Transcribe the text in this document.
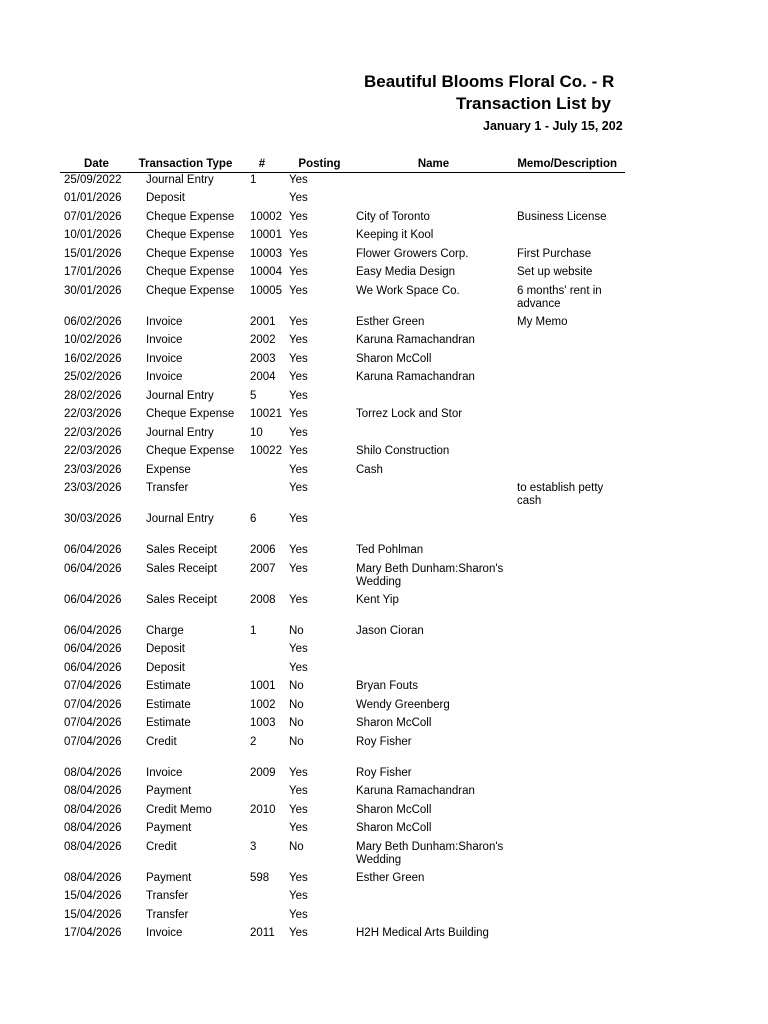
Beautiful Blooms Floral Co. - R
Transaction List by
January 1 - July 15, 202
Date	Transaction Type	#	Posting	Name	Memo/Description
25/09/2022	Journal Entry	1	Yes		
01/01/2026	Deposit		Yes		
07/01/2026	Cheque Expense	10002	Yes	City of Toronto	Business License
10/01/2026	Cheque Expense	10001	Yes	Keeping it Kool	
15/01/2026	Cheque Expense	10003	Yes	Flower Growers Corp.	First Purchase
17/01/2026	Cheque Expense	10004	Yes	Easy Media Design	Set up website
30/01/2026	Cheque Expense	10005	Yes	We Work Space Co.	6 months' rent in advance
06/02/2026	Invoice	2001	Yes	Esther Green	My Memo
10/02/2026	Invoice	2002	Yes	Karuna Ramachandran	
16/02/2026	Invoice	2003	Yes	Sharon McColl	
25/02/2026	Invoice	2004	Yes	Karuna Ramachandran	
28/02/2026	Journal Entry	5	Yes		
22/03/2026	Cheque Expense	10021	Yes	Torrez Lock and Stor	
22/03/2026	Journal Entry	10	Yes		
22/03/2026	Cheque Expense	10022	Yes	Shilo Construction	
23/03/2026	Expense		Yes	Cash	
23/03/2026	Transfer		Yes		to establish petty cash
30/03/2026	Journal Entry	6	Yes		
06/04/2026	Sales Receipt	2006	Yes	Ted Pohlman	
06/04/2026	Sales Receipt	2007	Yes	Mary Beth Dunham:Sharon's Wedding	
06/04/2026	Sales Receipt	2008	Yes	Kent Yip	
06/04/2026	Charge	1	No	Jason Cioran	
06/04/2026	Deposit		Yes		
06/04/2026	Deposit		Yes		
07/04/2026	Estimate	1001	No	Bryan Fouts	
07/04/2026	Estimate	1002	No	Wendy Greenberg	
07/04/2026	Estimate	1003	No	Sharon McColl	
07/04/2026	Credit	2	No	Roy Fisher	
08/04/2026	Invoice	2009	Yes	Roy Fisher	
08/04/2026	Payment		Yes	Karuna Ramachandran	
08/04/2026	Credit Memo	2010	Yes	Sharon McColl	
08/04/2026	Payment		Yes	Sharon McColl	
08/04/2026	Credit	3	No	Mary Beth Dunham:Sharon's Wedding	
08/04/2026	Payment	598	Yes	Esther Green	
15/04/2026	Transfer		Yes		
15/04/2026	Transfer		Yes		
17/04/2026	Invoice	2011	Yes	H2H Medical Arts Building	
